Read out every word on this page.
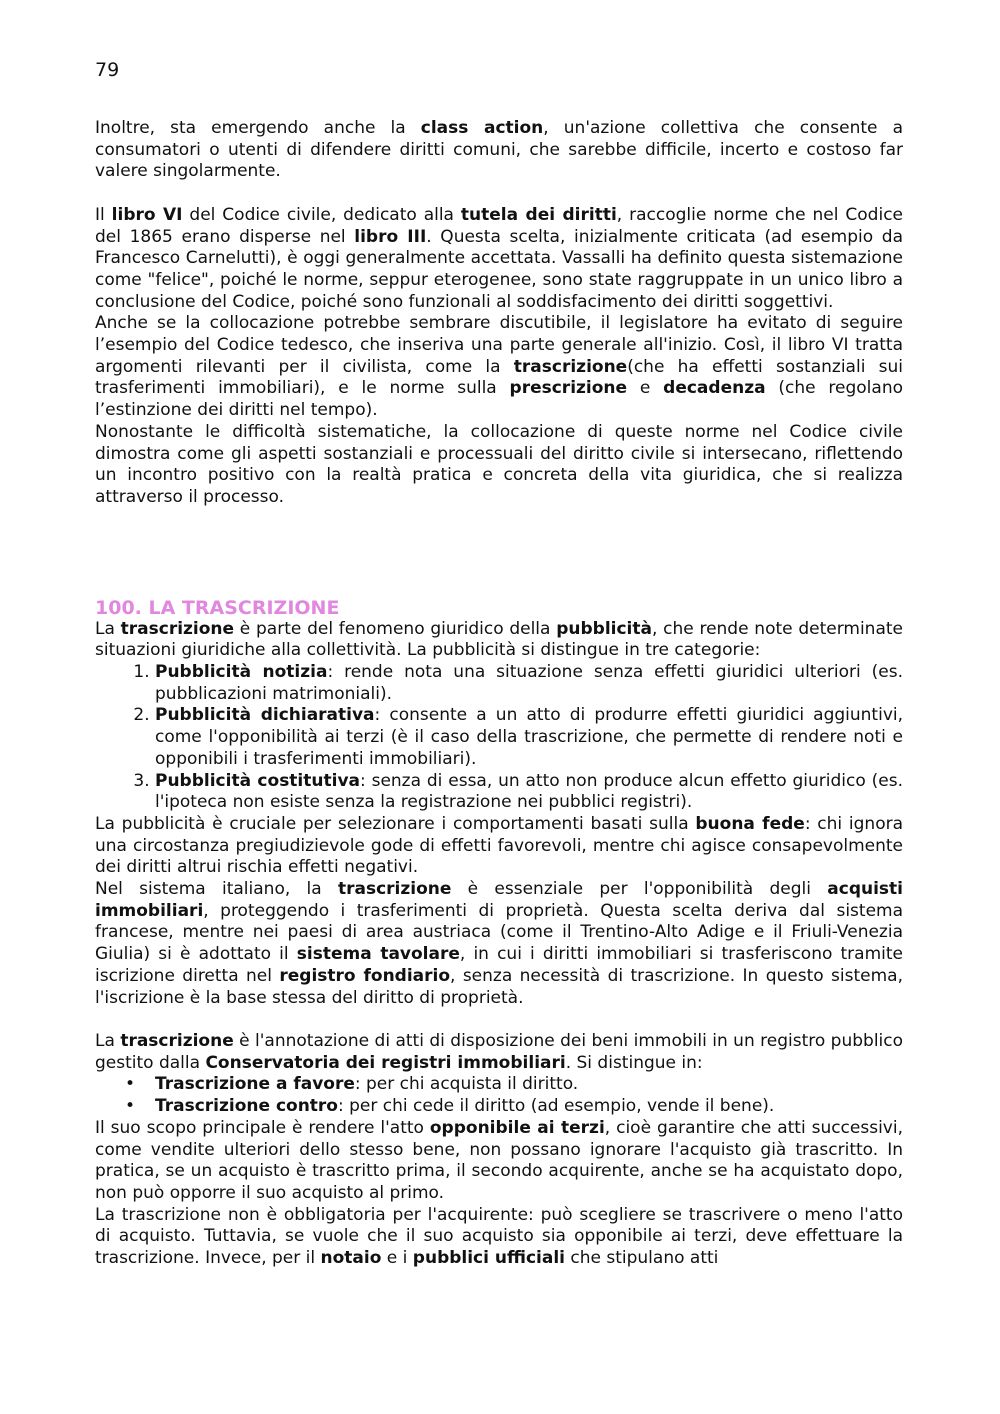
79

Inoltre, sta emergendo anche la class action, un'azione collettiva che consente a consumatori o utenti di difendere diritti comuni, che sarebbe difficile, incerto e costoso far valere singolarmente.

Il libro VI del Codice civile, dedicato alla tutela dei diritti, raccoglie norme che nel Codice del 1865 erano disperse nel libro III. Questa scelta, inizialmente criticata (ad esempio da Francesco Carnelutti), è oggi generalmente accettata. Vassalli ha definito questa sistemazione come "felice", poiché le norme, seppur eterogenee, sono state raggruppate in un unico libro a conclusione del Codice, poiché sono funzionali al soddisfacimento dei diritti soggettivi.

Anche se la collocazione potrebbe sembrare discutibile, il legislatore ha evitato di seguire l’esempio del Codice tedesco, che inseriva una parte generale all'inizio. Così, il libro VI tratta argomenti rilevanti per il civilista, come la trascrizione(che ha effetti sostanziali sui trasferimenti immobiliari), e le norme sulla prescrizione e decadenza (che regolano l’estinzione dei diritti nel tempo).

Nonostante le difficoltà sistematiche, la collocazione di queste norme nel Codice civile dimostra come gli aspetti sostanziali e processuali del diritto civile si intersecano, riflettendo un incontro positivo con la realtà pratica e concreta della vita giuridica, che si realizza attraverso il processo.

100. LA TRASCRIZIONE

La trascrizione è parte del fenomeno giuridico della pubblicità, che rende note determinate situazioni giuridiche alla collettività. La pubblicità si distingue in tre categorie:

1. Pubblicità notizia: rende nota una situazione senza effetti giuridici ulteriori (es. pubblicazioni matrimoniali).
2. Pubblicità dichiarativa: consente a un atto di produrre effetti giuridici aggiuntivi, come l'opponibilità ai terzi (è il caso della trascrizione, che permette di rendere noti e opponibili i trasferimenti immobiliari).
3. Pubblicità costitutiva: senza di essa, un atto non produce alcun effetto giuridico (es. l'ipoteca non esiste senza la registrazione nei pubblici registri).

La pubblicità è cruciale per selezionare i comportamenti basati sulla buona fede: chi ignora una circostanza pregiudizievole gode di effetti favorevoli, mentre chi agisce consapevolmente dei diritti altrui rischia effetti negativi.

Nel sistema italiano, la trascrizione è essenziale per l'opponibilità degli acquisti immobiliari, proteggendo i trasferimenti di proprietà. Questa scelta deriva dal sistema francese, mentre nei paesi di area austriaca (come il Trentino-Alto Adige e il Friuli-Venezia Giulia) si è adottato il sistema tavolare, in cui i diritti immobiliari si trasferiscono tramite iscrizione diretta nel registro fondiario, senza necessità di trascrizione. In questo sistema, l'iscrizione è la base stessa del diritto di proprietà.

La trascrizione è l'annotazione di atti di disposizione dei beni immobili in un registro pubblico gestito dalla Conservatoria dei registri immobiliari. Si distingue in:

• Trascrizione a favore: per chi acquista il diritto.
• Trascrizione contro: per chi cede il diritto (ad esempio, vende il bene).

Il suo scopo principale è rendere l'atto opponibile ai terzi, cioè garantire che atti successivi, come vendite ulteriori dello stesso bene, non possano ignorare l'acquisto già trascritto. In pratica, se un acquisto è trascritto prima, il secondo acquirente, anche se ha acquistato dopo, non può opporre il suo acquisto al primo.

La trascrizione non è obbligatoria per l'acquirente: può scegliere se trascrivere o meno l'atto di acquisto. Tuttavia, se vuole che il suo acquisto sia opponibile ai terzi, deve effettuare la trascrizione. Invece, per il notaio e i pubblici ufficiali che stipulano atti
